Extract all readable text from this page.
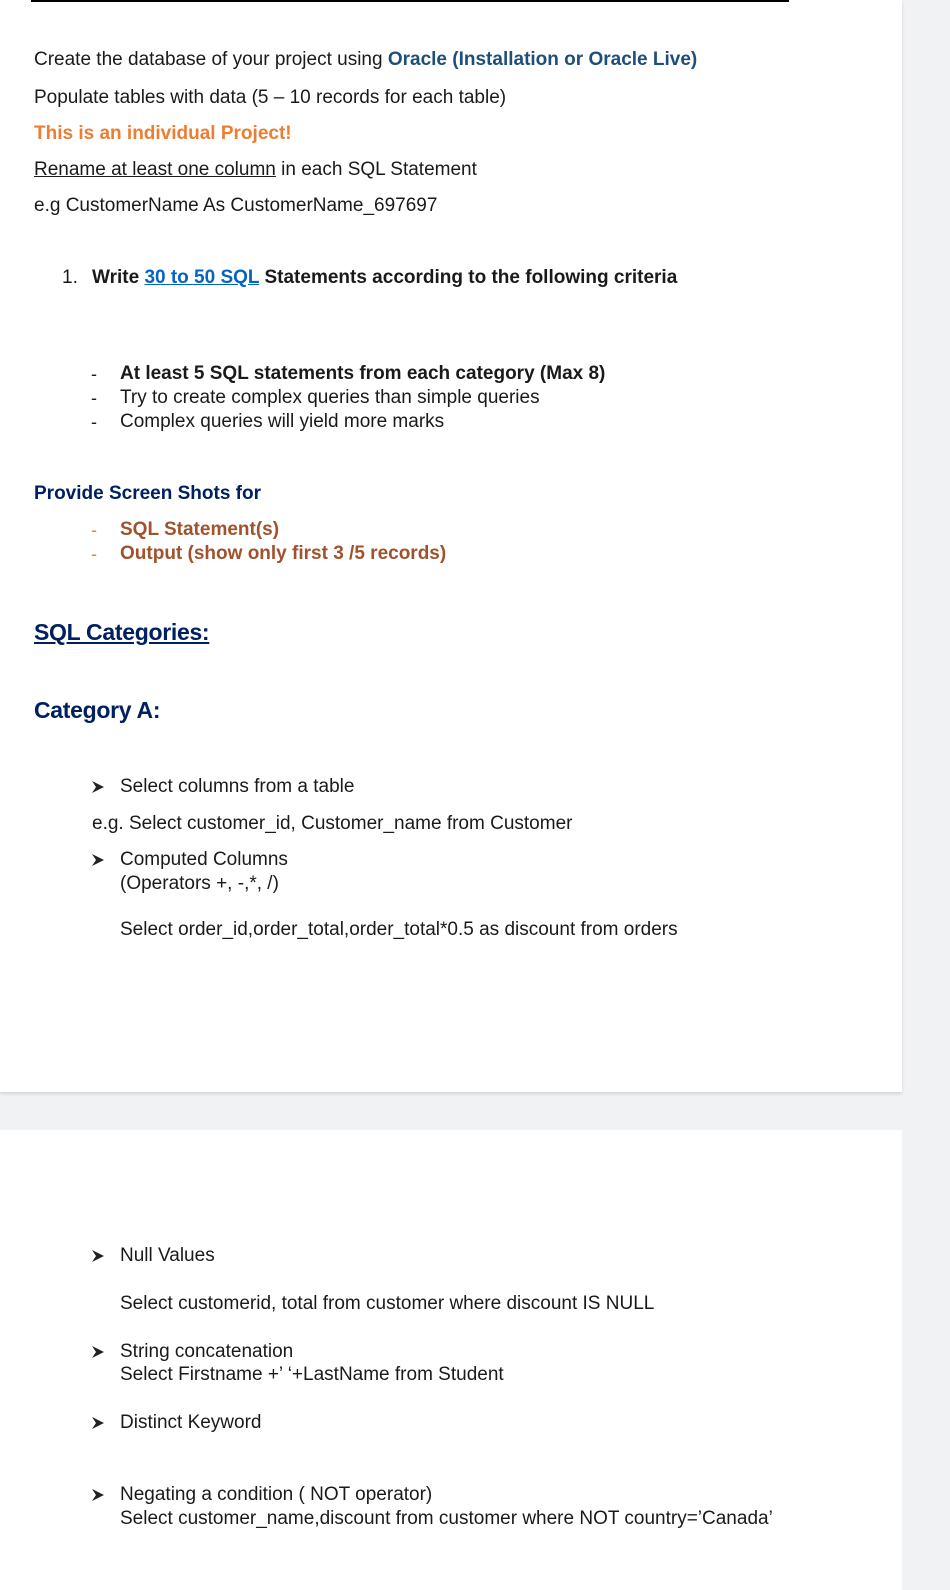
Create the database of your project using Oracle (Installation or Oracle Live)
Populate tables with data (5 – 10 records for each table)
This is an individual Project!
Rename at least one column in each SQL Statement
e.g CustomerName As CustomerName_697697
1. Write 30 to 50 SQL Statements according to the following criteria
- At least 5 SQL statements from each category (Max 8)
- Try to create complex queries than simple queries
- Complex queries will yield more marks
Provide Screen Shots for
- SQL Statement(s)
- Output (show only first 3 /5 records)
SQL Categories:
Category A:
Select columns from a table
e.g. Select customer_id, Customer_name from Customer
Computed Columns
(Operators +, -,*, /)
Select order_id,order_total,order_total*0.5 as discount from orders
Null Values
Select customerid, total from customer where discount IS NULL
String concatenation
Select Firstname +’ ‘+LastName from Student
Distinct Keyword
Negating a condition ( NOT operator)
Select customer_name,discount from customer where NOT country=’Canada’
